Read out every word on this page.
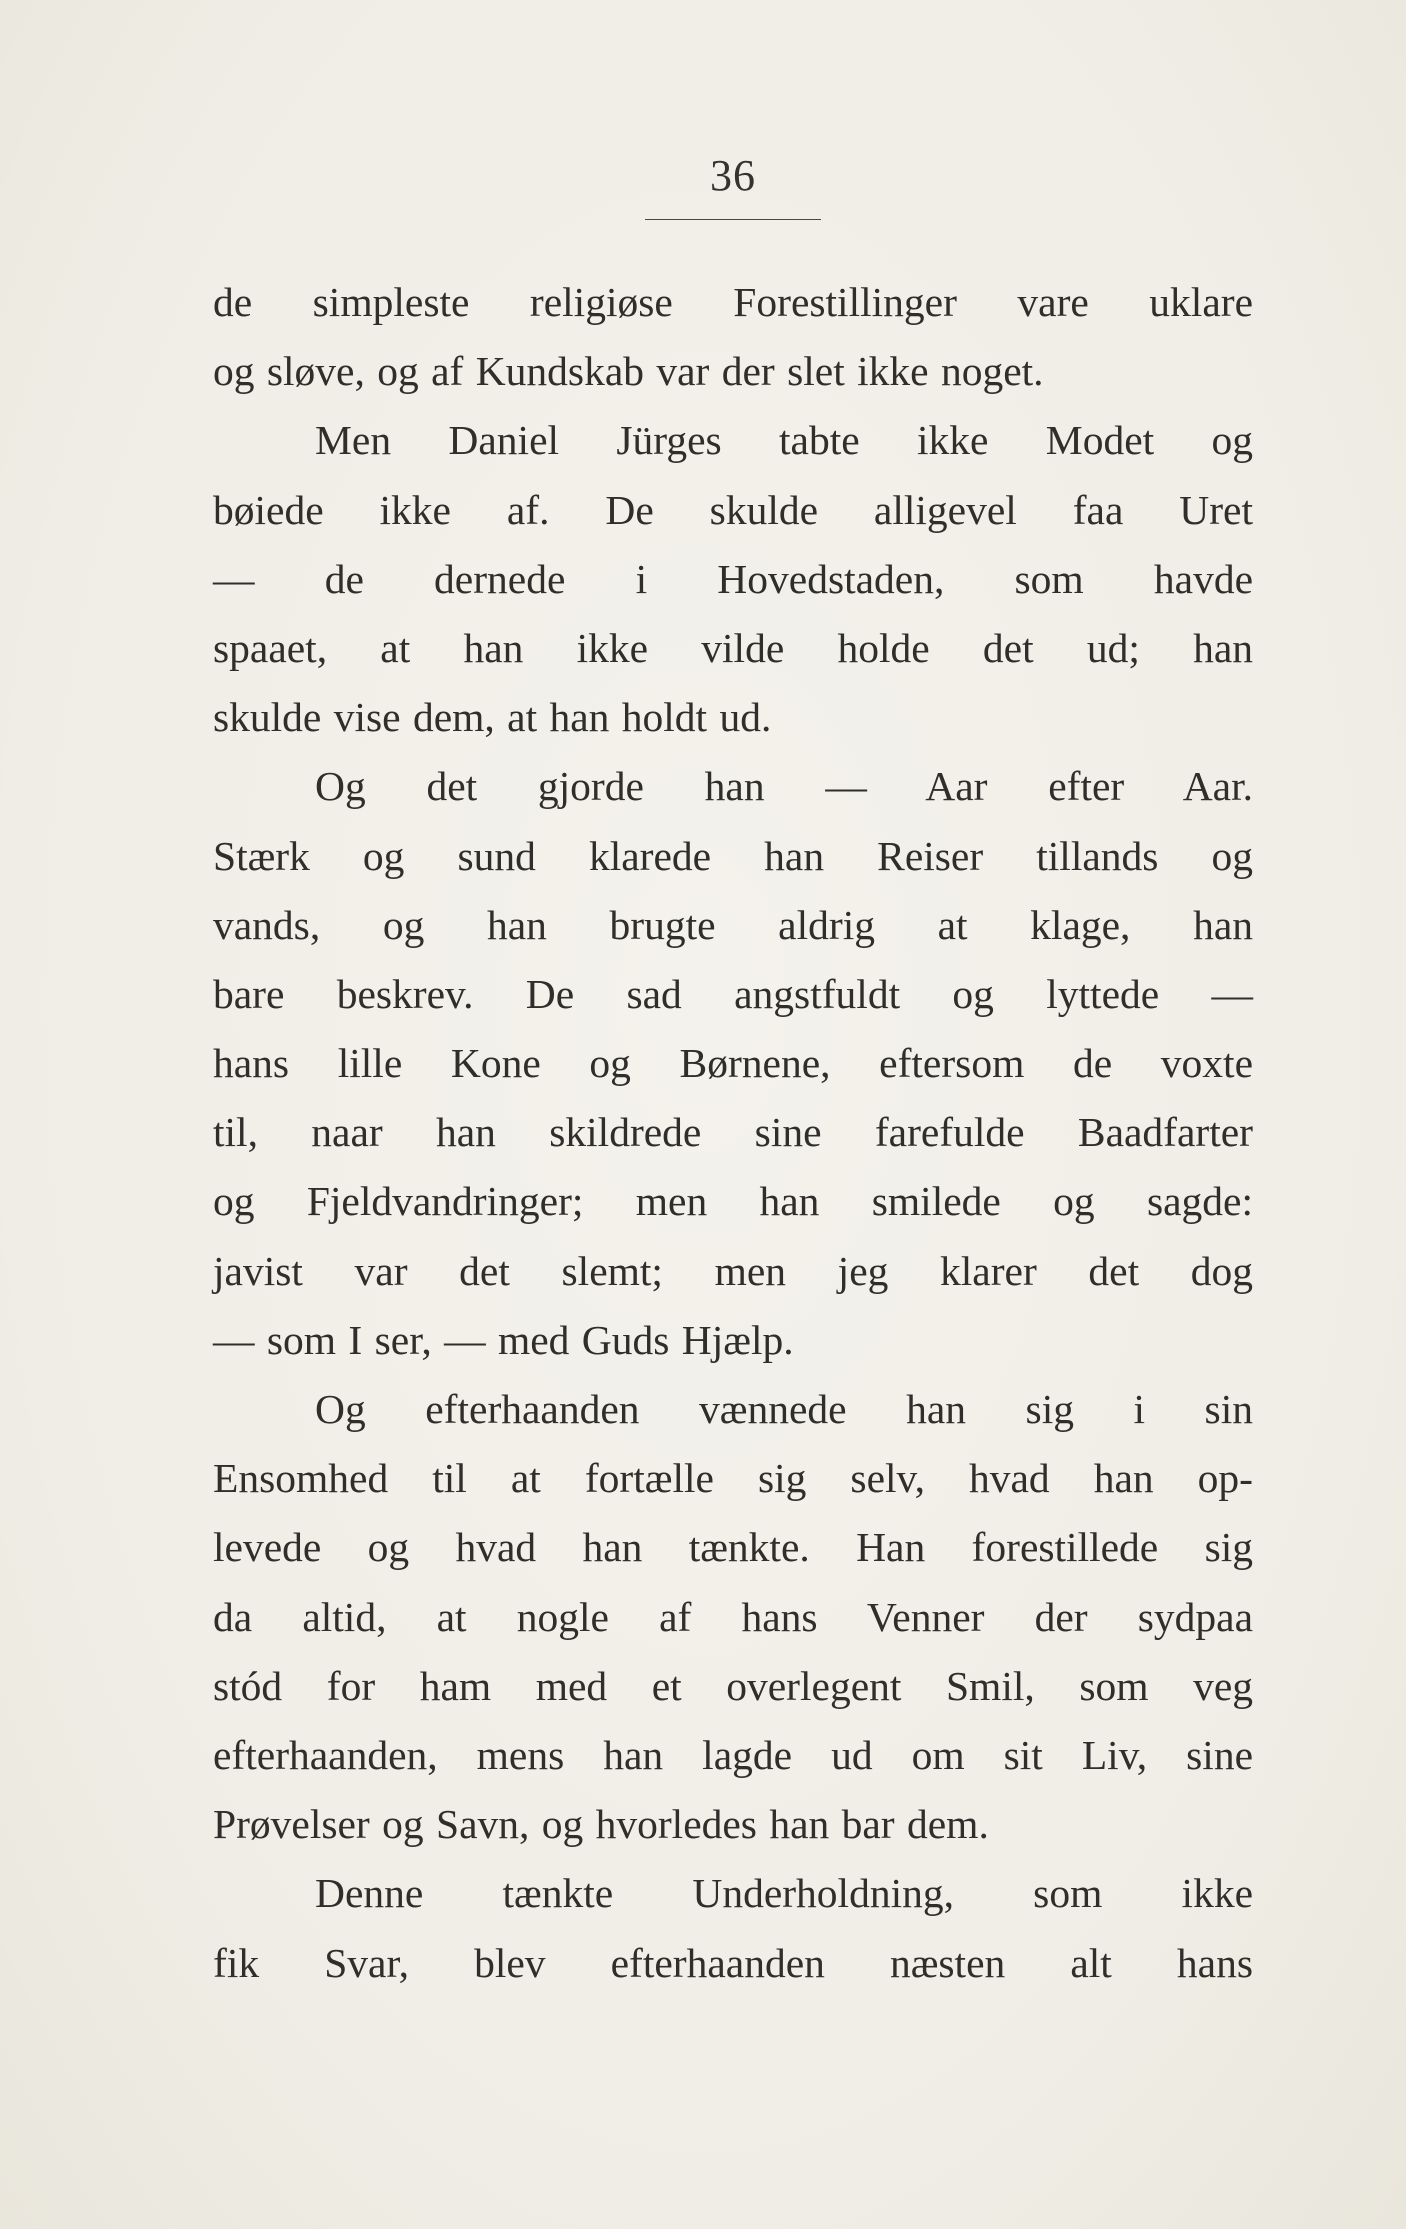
36
de simpleste religiøse Forestillinger vare uklare
og sløve, og af Kundskab var der slet ikke noget.
Men Daniel Jürges tabte ikke Modet og
bøiede ikke af. De skulde alligevel faa Uret
— de dernede i Hovedstaden, som havde
spaaet, at han ikke vilde holde det ud; han
skulde vise dem, at han holdt ud.
Og det gjorde han — Aar efter Aar.
Stærk og sund klarede han Reiser tillands og
vands, og han brugte aldrig at klage, han
bare beskrev. De sad angstfuldt og lyttede —
hans lille Kone og Børnene, eftersom de voxte
til, naar han skildrede sine farefulde Baadfarter
og Fjeldvandringer; men han smilede og sagde:
javist var det slemt; men jeg klarer det dog
— som I ser, — med Guds Hjælp.
Og efterhaanden vænnede han sig i sin
Ensomhed til at fortælle sig selv, hvad han op-
levede og hvad han tænkte. Han forestillede sig
da altid, at nogle af hans Venner der sydpaa
stód for ham med et overlegent Smil, som veg
efterhaanden, mens han lagde ud om sit Liv, sine
Prøvelser og Savn, og hvorledes han bar dem.
Denne tænkte Underholdning, som ikke
fik Svar, blev efterhaanden næsten alt hans
